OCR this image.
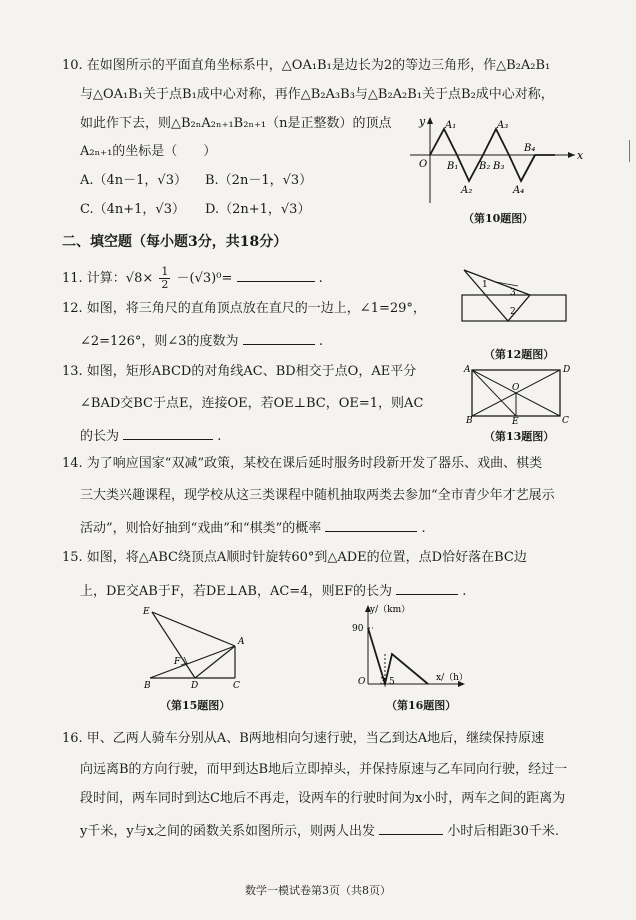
10. 在如图所示的平面直角坐标系中，△OA₁B₁是边长为2的等边三角形，作△B₂A₂B₁
与△OA₁B₁关于点B₁成中心对称，再作△B₂A₃B₃与△B₂A₂B₁关于点B₂成中心对称，
如此作下去，则△B₂ₙA₂ₙ₊₁B₂ₙ₊₁（n是正整数）的顶点
A₂ₙ₊₁的坐标是（　　）
A.（4n－1，√3） B.（2n－1，√3）
C.（4n+1，√3） D.（2n+1，√3）
y
x
O
A₁	A₃
A₂	A₄
B₁ B₂ B₃
B₄
（第10题图）
二、填空题（每小题3分，共18分）
11. 计算：$√8\times \frac{1}{2} -(√3)^0=$	.	1
3
2
12. 如图，将三角尺的直角顶点放在直尺的一边上，∠1=29°，
∠2=126°，则∠3的度数为	.
（第12题图）
13. 如图，矩形ABCD的对角线AC、BD相交于点O，AE平分
∠BAD交BC于点E，连接OE，若OE⊥BC，OE=1，则AC
的长为	.
A	D
B	C
O
E
（第13题图）
14. 为了响应国家“双减”政策，某校在课后延时服务时段新开发了器乐、戏曲、棋类
三大类兴趣课程，现学校从这三类课程中随机抽取两类去参加“全市青少年才艺展示
活动”，则恰好抽到“戏曲”和“棋类”的概率	.
15. 如图，将△ABC绕顶点A顺时针旋转60°到△ADE的位置，点D恰好落在BC边
上，DE交AB于F，若DE⊥AB，AC=4，则EF的长为	.
E
A
F
B	D	C
（第15题图）
y/（km）
x/（h）
90
O 3 5
（第16题图）
16. 甲、乙两人骑车分别从A、B两地相向匀速行驶，当乙到达A地后，继续保持原速
向远离B的方向行驶，而甲到达B地后立即掉头，并保持原速与乙车同向行驶，经过一
段时间，两车同时到达C地后不再走，设两车的行驶时间为x小时，两车之间的距离为
y千米，y与x之间的函数关系如图所示，则两人出发	小时后相距30千米.
数学一模试卷第3页（共8页）
